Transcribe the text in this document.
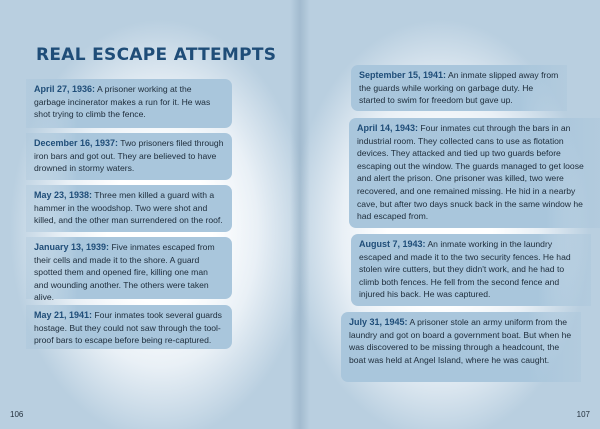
REAL ESCAPE ATTEMPTS
April 27, 1936: A prisoner working at the garbage incinerator makes a run for it. He was shot trying to climb the fence.
December 16, 1937: Two prisoners filed through iron bars and got out. They are believed to have drowned in stormy waters.
May 23, 1938: Three men killed a guard with a hammer in the woodshop. Two were shot and killed, and the other man surrendered on the roof.
January 13, 1939: Five inmates escaped from their cells and made it to the shore. A guard spotted them and opened fire, killing one man and wounding another. The others were taken alive.
May 21, 1941: Four inmates took several guards hostage. But they could not saw through the tool-proof bars to escape before being re-captured.
106
September 15, 1941: An inmate slipped away from the guards while working on garbage duty. He started to swim for freedom but gave up.
April 14, 1943: Four inmates cut through the bars in an industrial room. They collected cans to use as flotation devices. They attacked and tied up two guards before escaping out the window. The guards managed to get loose and alert the prison. One prisoner was killed, two were recovered, and one remained missing. He hid in a nearby cave, but after two days snuck back in the same window he had escaped from.
August 7, 1943: An inmate working in the laundry escaped and made it to the two security fences. He had stolen wire cutters, but they didn't work, and he had to climb both fences. He fell from the second fence and injured his back. He was captured.
July 31, 1945: A prisoner stole an army uniform from the laundry and got on board a government boat. But when he was discovered to be missing through a headcount, the boat was held at Angel Island, where he was caught.
107
